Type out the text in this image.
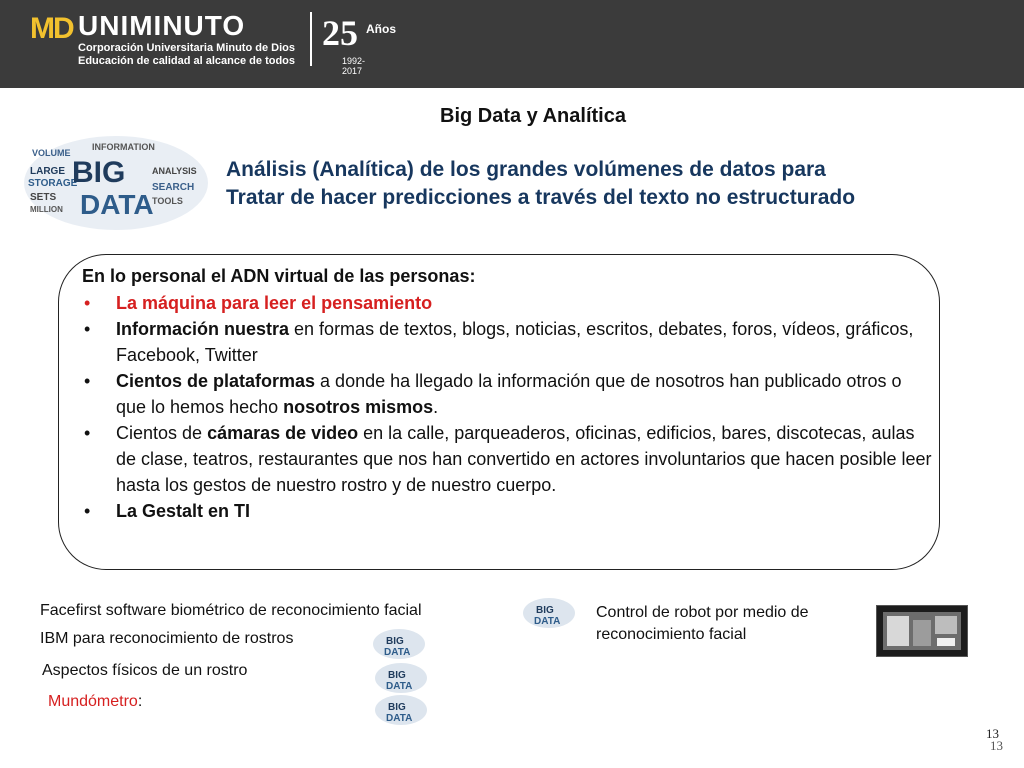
MD UNIMINUTO
Corporación Universitaria Minuto de Dios
Educación de calidad al alcance de todos
25 Años
1992-2017
Big Data y Analítica
VOLUME
INFORMATION
LARGE
STORAGE
SETS
MILLION
BIG
DATA
ANALYSIS
SEARCH
TOOLS
Análisis (Analítica) de los grandes volúmenes de datos para
Tratar de hacer predicciones a través del texto no estructurado
En lo personal el ADN virtual de las personas:
• La máquina para leer el pensamiento
• Información nuestra en formas de textos, blogs, noticias, escritos, debates, foros, vídeos, gráficos, Facebook, Twitter
• Cientos de plataformas a donde ha llegado la información que de nosotros han publicado otros o que lo hemos hecho nosotros mismos.
• Cientos de cámaras de video en la calle, parqueaderos, oficinas, edificios, bares, discotecas, aulas de clase, teatros, restaurantes que nos han convertido en actores involuntarios que hacen posible leer hasta los gestos de nuestro rostro y de nuestro cuerpo.
• La Gestalt en TI
Facefirst software biométrico de reconocimiento facial	BIG
DATA
IBM para reconocimiento de rostros	BIG
DATA
Aspectos físicos de un rostro	BIG
DATA
Mundómetro:	BIG
DATA
Control de robot por medio de
reconocimiento facial
13
13
